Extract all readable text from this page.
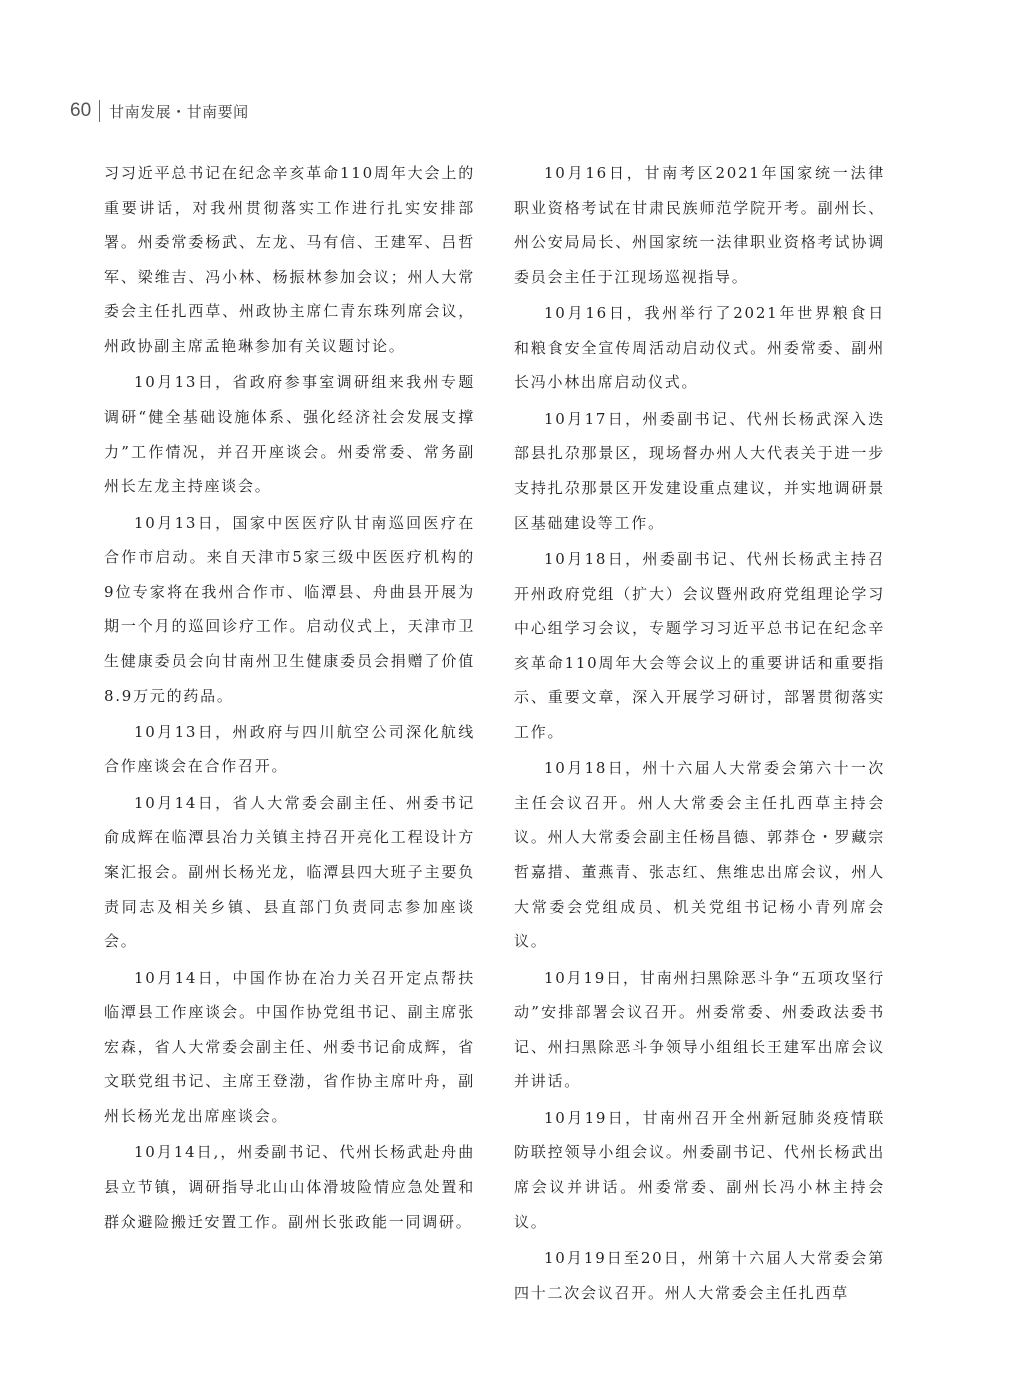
60 甘南发展・甘南要闻

习习近平总书记在纪念辛亥革命110周年大会上的重要讲话，对我州贯彻落实工作进行扎实安排部署。州委常委杨武、左龙、马有信、王建军、吕哲军、梁维吉、冯小林、杨振林参加会议；州人大常委会主任扎西草、州政协主席仁青东珠列席会议，州政协副主席孟艳琳参加有关议题讨论。

10月13日，省政府参事室调研组来我州专题调研“健全基础设施体系、强化经济社会发展支撑力”工作情况，并召开座谈会。州委常委、常务副州长左龙主持座谈会。

10月13日，国家中医医疗队甘南巡回医疗在合作市启动。来自天津市5家三级中医医疗机构的9位专家将在我州合作市、临潭县、舟曲县开展为期一个月的巡回诊疗工作。启动仪式上，天津市卫生健康委员会向甘南州卫生健康委员会捐赠了价值8.9万元的药品。

10月13日，州政府与四川航空公司深化航线合作座谈会在合作召开。

10月14日，省人大常委会副主任、州委书记俞成辉在临潭县冶力关镇主持召开亮化工程设计方案汇报会。副州长杨光龙，临潭县四大班子主要负责同志及相关乡镇、县直部门负责同志参加座谈会。

10月14日，中国作协在冶力关召开定点帮扶临潭县工作座谈会。中国作协党组书记、副主席张宏森，省人大常委会副主任、州委书记俞成辉，省文联党组书记、主席王登渤，省作协主席叶舟，副州长杨光龙出席座谈会。

10月14日,，州委副书记、代州长杨武赴舟曲县立节镇，调研指导北山山体滑坡险情应急处置和群众避险搬迁安置工作。副州长张政能一同调研。

10月16日，甘南考区2021年国家统一法律职业资格考试在甘肃民族师范学院开考。副州长、州公安局局长、州国家统一法律职业资格考试协调委员会主任于江现场巡视指导。

10月16日，我州举行了2021年世界粮食日和粮食安全宣传周活动启动仪式。州委常委、副州长冯小林出席启动仪式。

10月17日，州委副书记、代州长杨武深入迭部县扎尕那景区，现场督办州人大代表关于进一步支持扎尕那景区开发建设重点建议，并实地调研景区基础建设等工作。

10月18日，州委副书记、代州长杨武主持召开州政府党组（扩大）会议暨州政府党组理论学习中心组学习会议，专题学习习近平总书记在纪念辛亥革命110周年大会等会议上的重要讲话和重要指示、重要文章，深入开展学习研讨，部署贯彻落实工作。

10月18日，州十六届人大常委会第六十一次主任会议召开。州人大常委会主任扎西草主持会议。州人大常委会副主任杨昌德、郭莽仓・罗藏宗哲嘉措、董燕青、张志红、焦维忠出席会议，州人大常委会党组成员、机关党组书记杨小青列席会议。

10月19日，甘南州扫黑除恶斗争“五项攻坚行动”安排部署会议召开。州委常委、州委政法委书记、州扫黑除恶斗争领导小组组长王建军出席会议并讲话。

10月19日，甘南州召开全州新冠肺炎疫情联防联控领导小组会议。州委副书记、代州长杨武出席会议并讲话。州委常委、副州长冯小林主持会议。

10月19日至20日，州第十六届人大常委会第四十二次会议召开。州人大常委会主任扎西草
